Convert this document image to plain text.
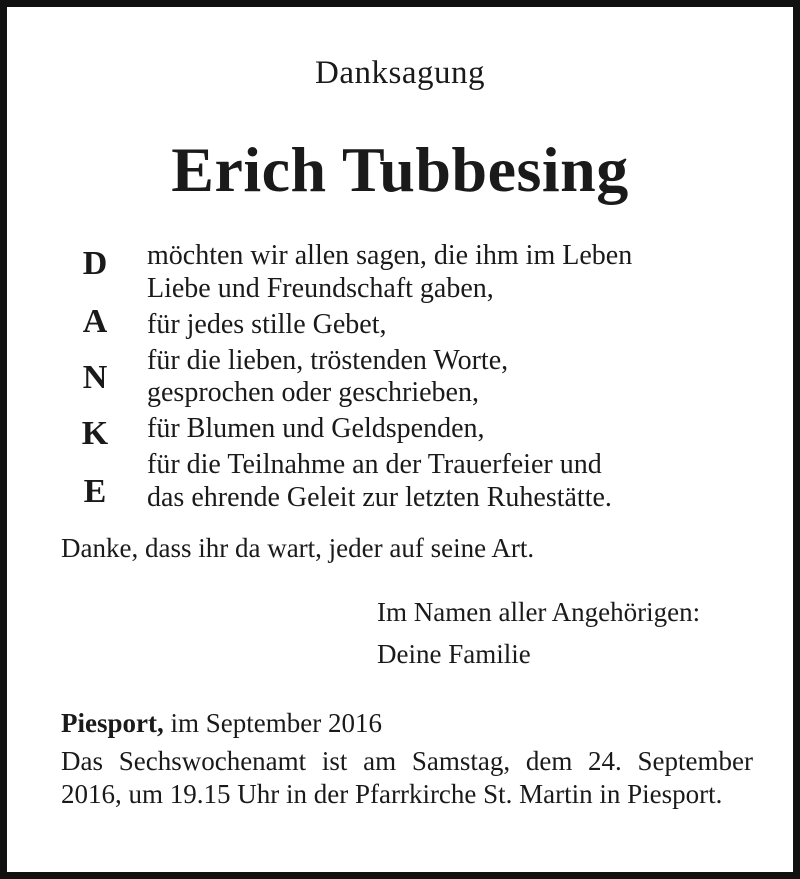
Danksagung
Erich Tubbesing
D
A
N
K
E
möchten wir allen sagen, die ihm im Leben
Liebe und Freundschaft gaben,
für jedes stille Gebet,
für die lieben, tröstenden Worte,
gesprochen oder geschrieben,
für Blumen und Geldspenden,
für die Teilnahme an der Trauerfeier und
das ehrende Geleit zur letzten Ruhestätte.
Danke, dass ihr da wart, jeder auf seine Art.
Im Namen aller Angehörigen:
Deine Familie
Piesport, im September 2016
Das Sechswochenamt ist am Samstag, dem 24. September 2016, um 19.15 Uhr in der Pfarrkirche St. Martin in Piesport.
